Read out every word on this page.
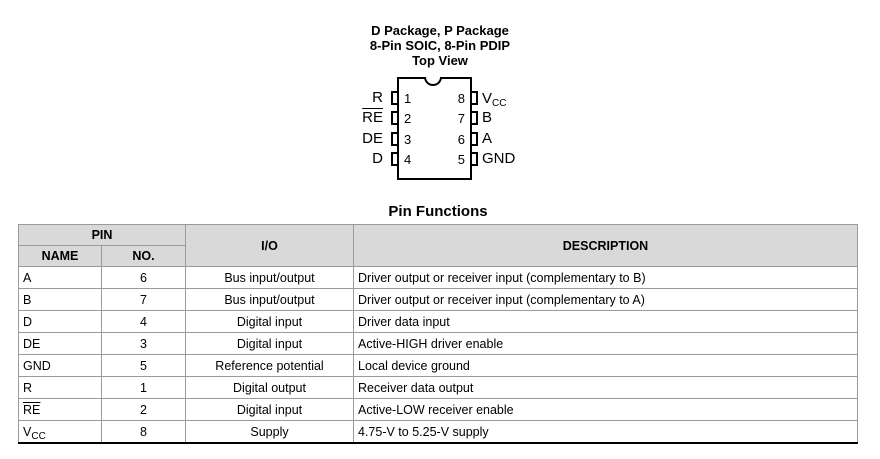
D Package, P Package
8-Pin SOIC, 8-Pin PDIP
Top View
1
2
3
4
R
$\overline{RE}$
DE
D
8
7
6
5
$V_{CC}$
B
A
GND
Pin Functions
PIN		I/O	DESCRIPTION
NAME	NO.		
A	6	Bus input/output	Driver output or receiver input (complementary to B)
B	7	Bus input/output	Driver output or receiver input (complementary to A)
D	4	Digital input	Driver data input
DE	3	Digital input	Active-HIGH driver enable
GND	5	Reference potential	Local device ground
R	1	Digital output	Receiver data output
$\overline{RE}$	2	Digital input	Active-LOW receiver enable
$V_{CC}$	8	Supply	4.75-V to 5.25-V supply
